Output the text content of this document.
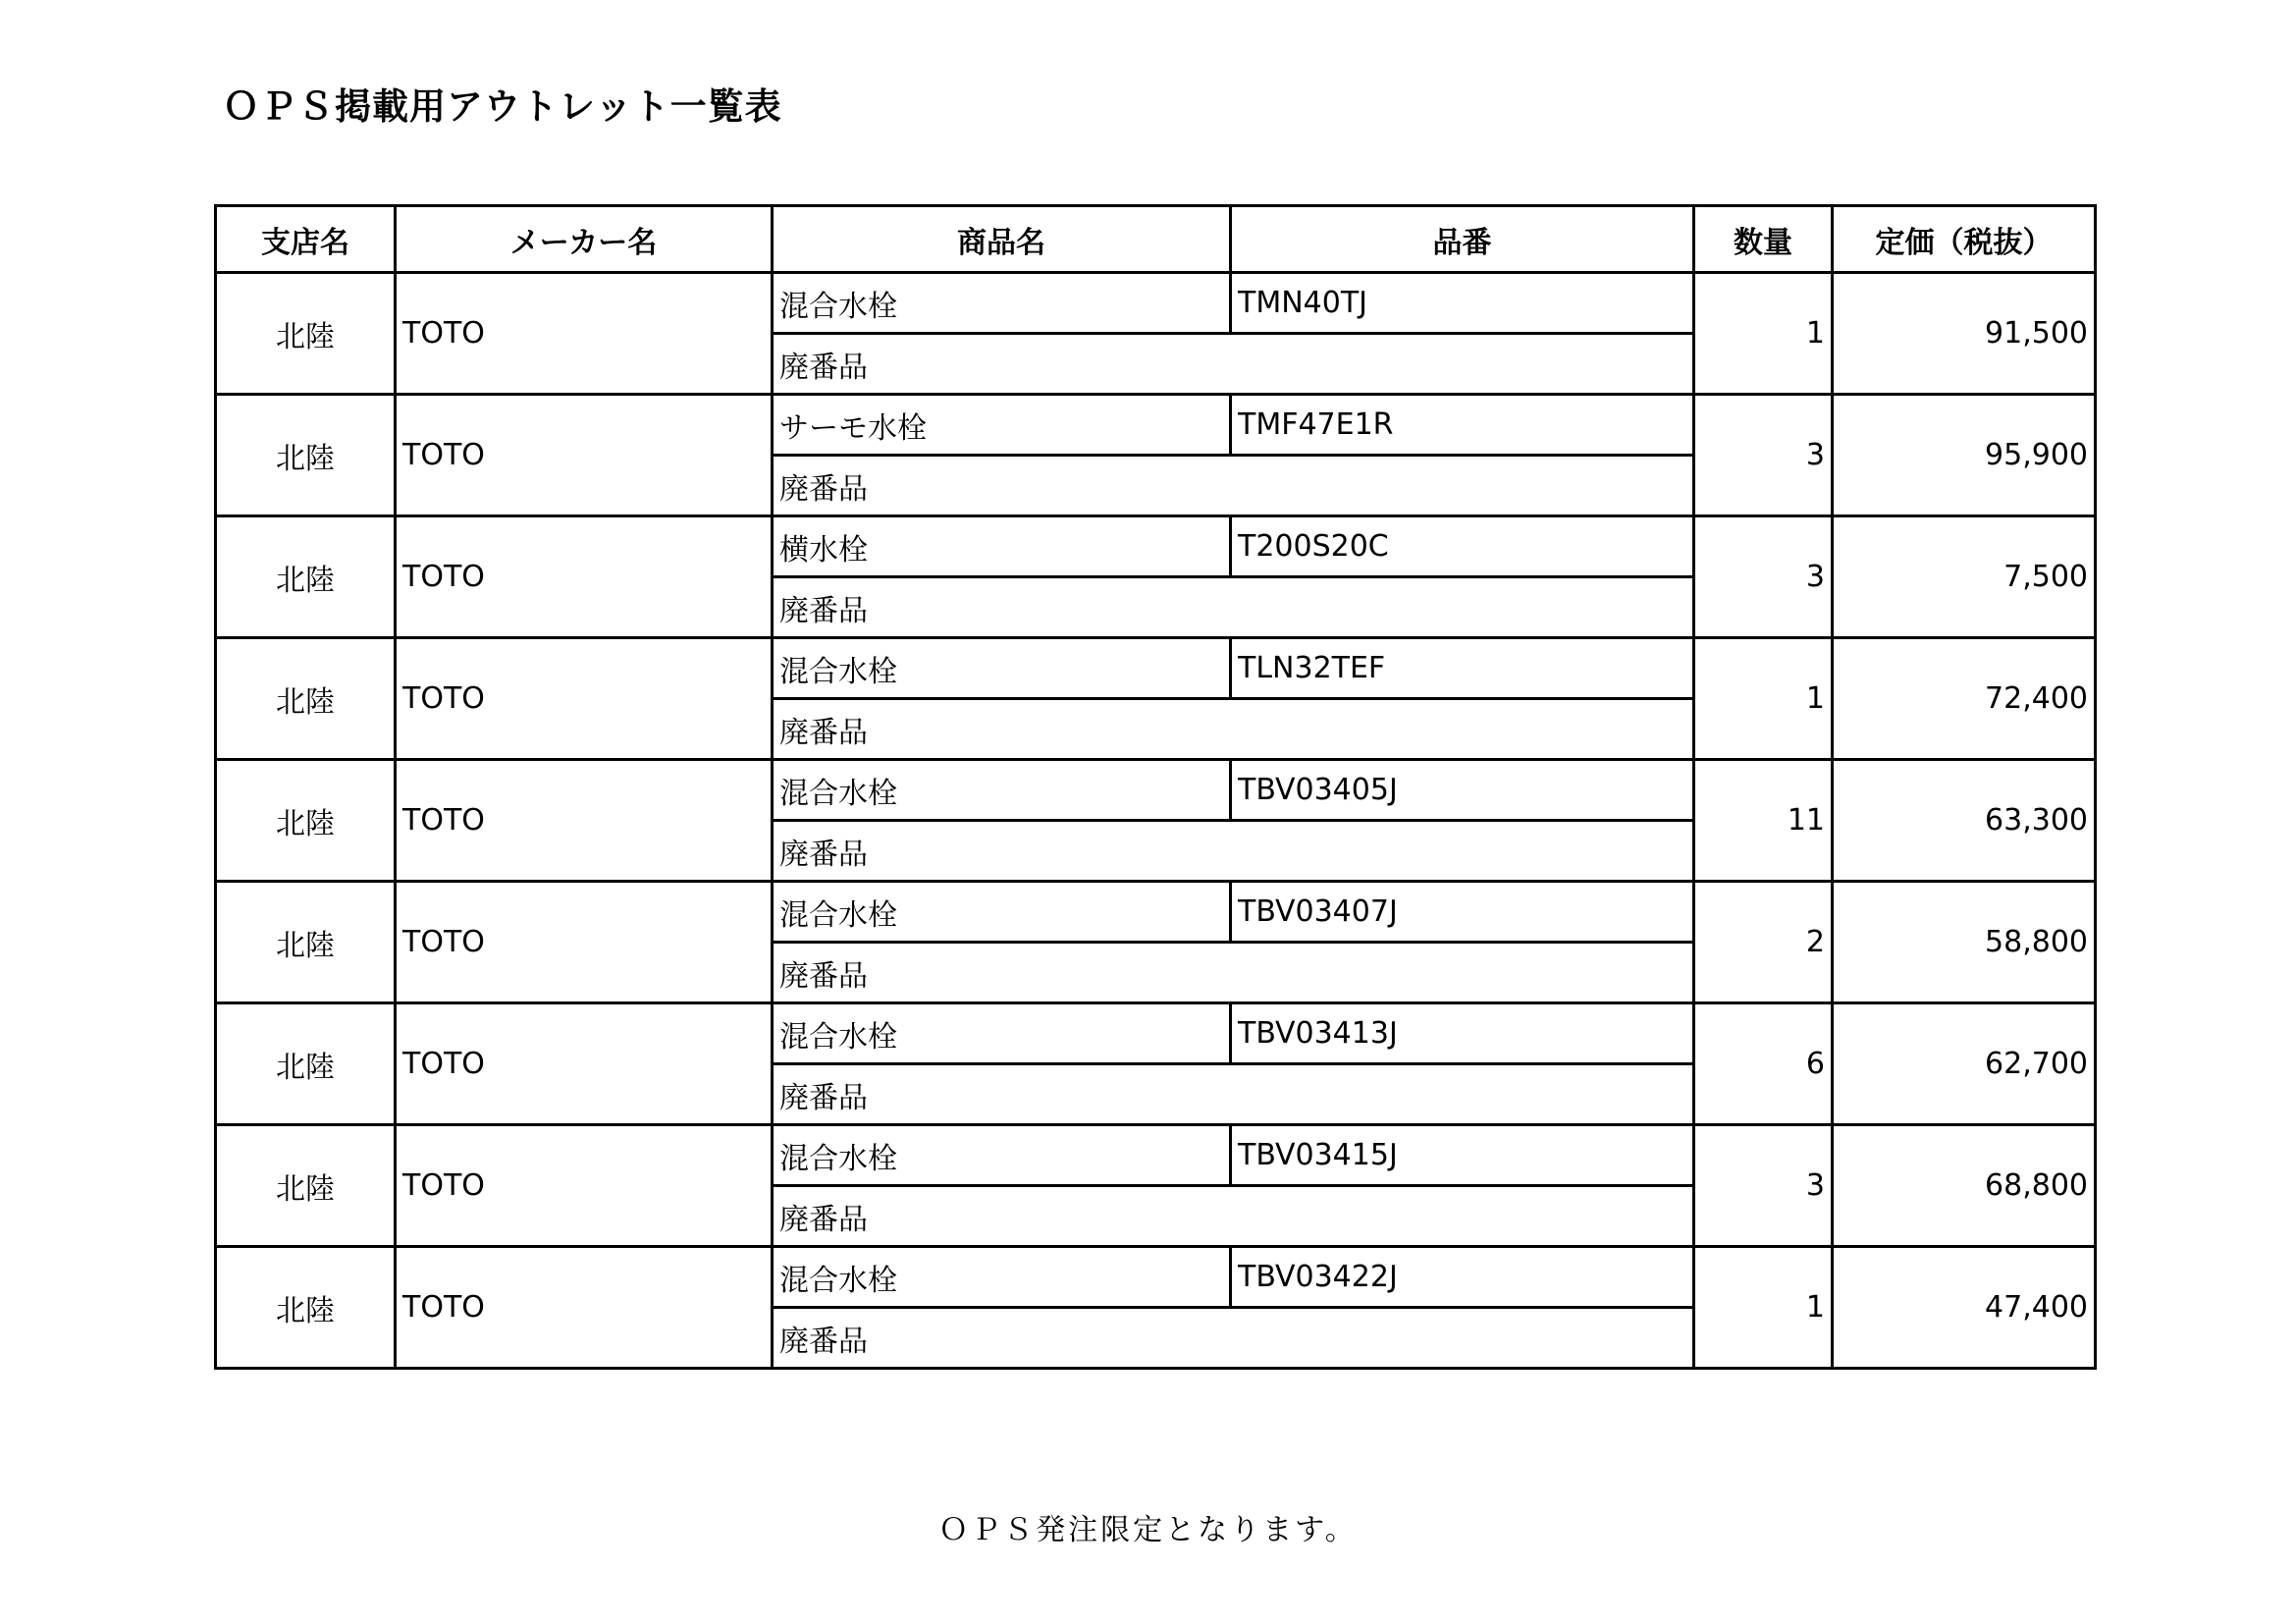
ＯＰＳ掲載用アウトレット一覧表
支店名	メーカー名	商品名	品番	数量	定価（税抜）
北陸	TOTO	混合水栓	TMN40TJ	1	91,500
		廃番品			
北陸	TOTO	サーモ水栓	TMF47E1R	3	95,900
		廃番品			
北陸	TOTO	横水栓	T200S20C	3	7,500
		廃番品			
北陸	TOTO	混合水栓	TLN32TEF	1	72,400
		廃番品			
北陸	TOTO	混合水栓	TBV03405J	11	63,300
		廃番品			
北陸	TOTO	混合水栓	TBV03407J	2	58,800
		廃番品			
北陸	TOTO	混合水栓	TBV03413J	6	62,700
		廃番品			
北陸	TOTO	混合水栓	TBV03415J	3	68,800
		廃番品			
北陸	TOTO	混合水栓	TBV03422J	1	47,400
		廃番品			
ＯＰＳ発注限定となります。
